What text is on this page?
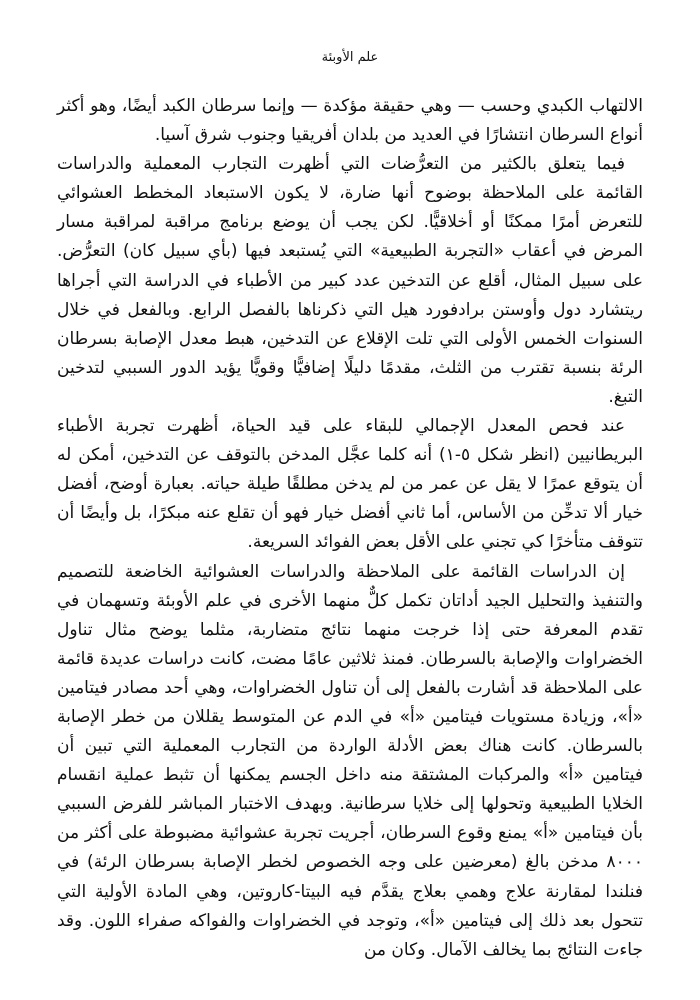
علم الأوبئة

الالتهاب الكبدي وحسب — وهي حقيقة مؤكدة — وإنما سرطان الكبد أيضًا، وهو أكثر أنواع السرطان انتشارًا في العديد من بلدان أفريقيا وجنوب شرق آسيا.

فيما يتعلق بالكثير من التعرُّضات التي أظهرت التجارب المعملية والدراسات القائمة على الملاحظة بوضوح أنها ضارة، لا يكون الاستبعاد المخطط العشوائي للتعرض أمرًا ممكنًا أو أخلاقيًّا. لكن يجب أن يوضع برنامج مراقبة لمراقبة مسار المرض في أعقاب «التجربة الطبيعية» التي يُستبعد فيها (بأي سبيل كان) التعرُّض. على سبيل المثال، أقلع عن التدخين عدد كبير من الأطباء في الدراسة التي أجراها ريتشارد دول وأوستن برادفورد هيل التي ذكرناها بالفصل الرابع. وبالفعل في خلال السنوات الخمس الأولى التي تلت الإقلاع عن التدخين، هبط معدل الإصابة بسرطان الرئة بنسبة تقترب من الثلث، مقدمًا دليلًا إضافيًّا وقويًّا يؤيد الدور السببي لتدخين التبغ.

عند فحص المعدل الإجمالي للبقاء على قيد الحياة، أظهرت تجربة الأطباء البريطانيين (انظر شكل ٥-١) أنه كلما عجَّل المدخن بالتوقف عن التدخين، أمكن له أن يتوقع عمرًا لا يقل عن عمر من لم يدخن مطلقًا طيلة حياته. بعبارة أوضح، أفضل خيار ألا تدخِّن من الأساس، أما ثاني أفضل خيار فهو أن تقلع عنه مبكرًا، بل وأيضًا أن تتوقف متأخرًا كي تجني على الأقل بعض الفوائد السريعة.

إن الدراسات القائمة على الملاحظة والدراسات العشوائية الخاضعة للتصميم والتنفيذ والتحليل الجيد أداتان تكمل كلٌّ منهما الأخرى في علم الأوبئة وتسهمان في تقدم المعرفة حتى إذا خرجت منهما نتائج متضاربة، مثلما يوضح مثال تناول الخضراوات والإصابة بالسرطان. فمنذ ثلاثين عامًا مضت، كانت دراسات عديدة قائمة على الملاحظة قد أشارت بالفعل إلى أن تناول الخضراوات، وهي أحد مصادر فيتامين «أ»، وزيادة مستويات فيتامين «أ» في الدم عن المتوسط يقللان من خطر الإصابة بالسرطان. كانت هناك بعض الأدلة الواردة من التجارب المعملية التي تبين أن فيتامين «أ» والمركبات المشتقة منه داخل الجسم يمكنها أن تثبط عملية انقسام الخلايا الطبيعية وتحولها إلى خلايا سرطانية. وبهدف الاختبار المباشر للفرض السببي بأن فيتامين «أ» يمنع وقوع السرطان، أجريت تجربة عشوائية مضبوطة على أكثر من ٨٠٠٠ مدخن بالغ (معرضين على وجه الخصوص لخطر الإصابة بسرطان الرئة) في فنلندا لمقارنة علاج وهمي بعلاج يقدَّم فيه البيتا-كاروتين، وهي المادة الأولية التي تتحول بعد ذلك إلى فيتامين «أ»، وتوجد في الخضراوات والفواكه صفراء اللون. وقد جاءت النتائج بما يخالف الآمال. وكان من
